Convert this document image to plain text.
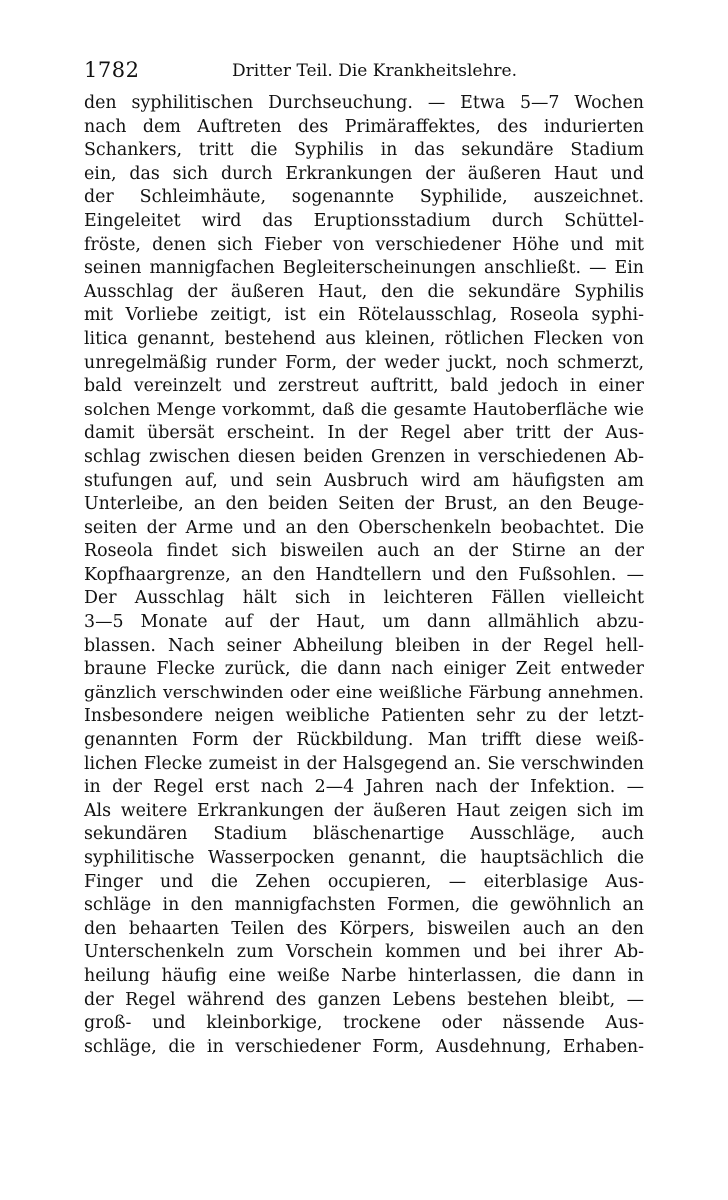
1782	Dritter Teil. Die Krankheitslehre.
den syphilitischen Durchseuchung. — Etwa 5—7 Wochen
nach dem Auftreten des Primäraffektes, des indurierten
Schankers, tritt die Syphilis in das sekundäre Stadium
ein, das sich durch Erkrankungen der äußeren Haut und
der Schleimhäute, sogenannte Syphilide, auszeichnet.
Eingeleitet wird das Eruptionsstadium durch Schüttel-
fröste, denen sich Fieber von verschiedener Höhe und mit
seinen mannigfachen Begleiterscheinungen anschließt. — Ein
Ausschlag der äußeren Haut, den die sekundäre Syphilis
mit Vorliebe zeitigt, ist ein Rötelausschlag, Roseola syphi-
litica genannt, bestehend aus kleinen, rötlichen Flecken von
unregelmäßig runder Form, der weder juckt, noch schmerzt,
bald vereinzelt und zerstreut auftritt, bald jedoch in einer
solchen Menge vorkommt, daß die gesamte Hautoberfläche wie
damit übersät erscheint. In der Regel aber tritt der Aus-
schlag zwischen diesen beiden Grenzen in verschiedenen Ab-
stufungen auf, und sein Ausbruch wird am häufigsten am
Unterleibe, an den beiden Seiten der Brust, an den Beuge-
seiten der Arme und an den Oberschenkeln beobachtet. Die
Roseola findet sich bisweilen auch an der Stirne an der
Kopfhaargrenze, an den Handtellern und den Fußsohlen. —
Der Ausschlag hält sich in leichteren Fällen vielleicht
3—5 Monate auf der Haut, um dann allmählich abzu-
blassen. Nach seiner Abheilung bleiben in der Regel hell-
braune Flecke zurück, die dann nach einiger Zeit entweder
gänzlich verschwinden oder eine weißliche Färbung annehmen.
Insbesondere neigen weibliche Patienten sehr zu der letzt-
genannten Form der Rückbildung. Man trifft diese weiß-
lichen Flecke zumeist in der Halsgegend an. Sie verschwinden
in der Regel erst nach 2—4 Jahren nach der Infektion. —
Als weitere Erkrankungen der äußeren Haut zeigen sich im
sekundären Stadium bläschenartige Ausschläge, auch
syphilitische Wasserpocken genannt, die hauptsächlich die
Finger und die Zehen occupieren, — eiterblasige Aus-
schläge in den mannigfachsten Formen, die gewöhnlich an
den behaarten Teilen des Körpers, bisweilen auch an den
Unterschenkeln zum Vorschein kommen und bei ihrer Ab-
heilung häufig eine weiße Narbe hinterlassen, die dann in
der Regel während des ganzen Lebens bestehen bleibt, —
groß- und kleinborkige, trockene oder nässende Aus-
schläge, die in verschiedener Form, Ausdehnung, Erhaben-
